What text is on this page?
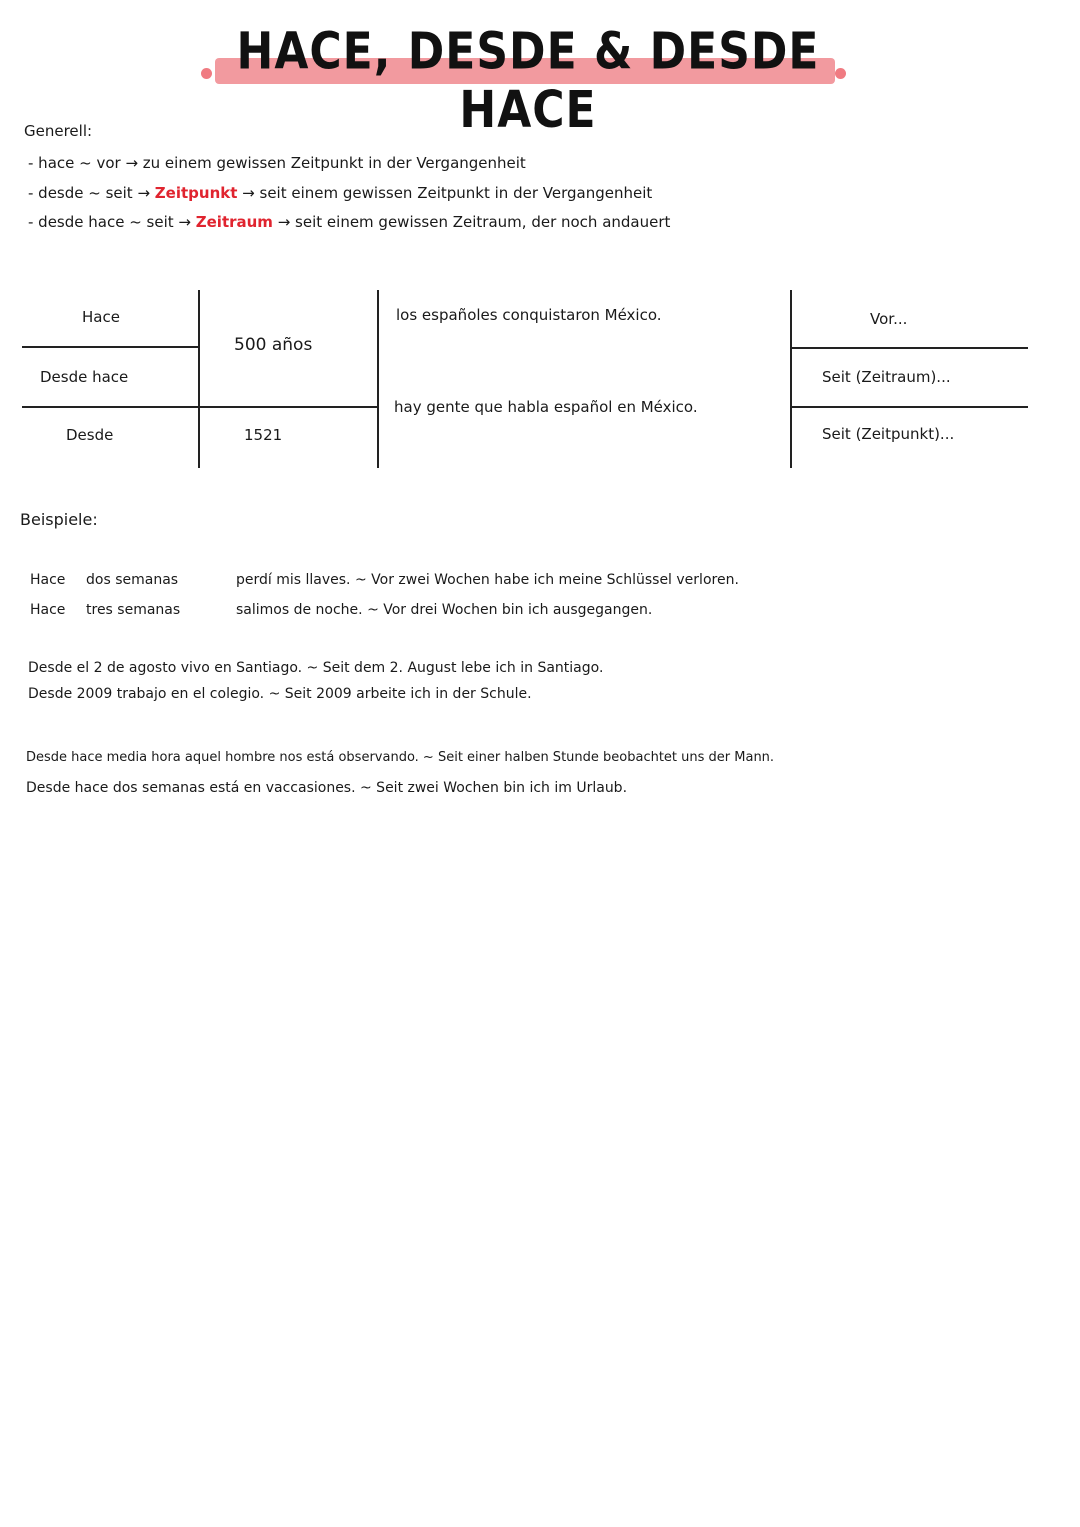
HACE, DESDE & DESDE HACE
Generell:
- hace ~ vor → zu einem gewissen Zeitpunkt in der Vergangenheit
- desde ~ seit → Zeitpunkt → seit einem gewissen Zeitpunkt in der Vergangenheit
- desde hace ~ seit → Zeitraum → seit einem gewissen Zeitraum, der noch andauert
Hace
Desde hace
Desde
500 años
1521
los españoles conquistaron México.
hay gente que habla español en México.
Vor...
Seit (Zeitraum)...
Seit (Zeitpunkt)...
Beispiele:
Hace dos semanas	perdí mis llaves. ~ Vor zwei Wochen habe ich meine Schlüssel verloren.
Hace tres semanas	salimos de noche. ~ Vor drei Wochen bin ich ausgegangen.
Desde el 2 de agosto vivo en Santiago. ~ Seit dem 2. August lebe ich in Santiago.
Desde 2009 trabajo en el colegio. ~ Seit 2009 arbeite ich in der Schule.
Desde hace media hora aquel hombre nos está observando. ~ Seit einer halben Stunde beobachtet uns der Mann.
Desde hace dos semanas está en vaccasiones. ~ Seit zwei Wochen bin ich im Urlaub.
